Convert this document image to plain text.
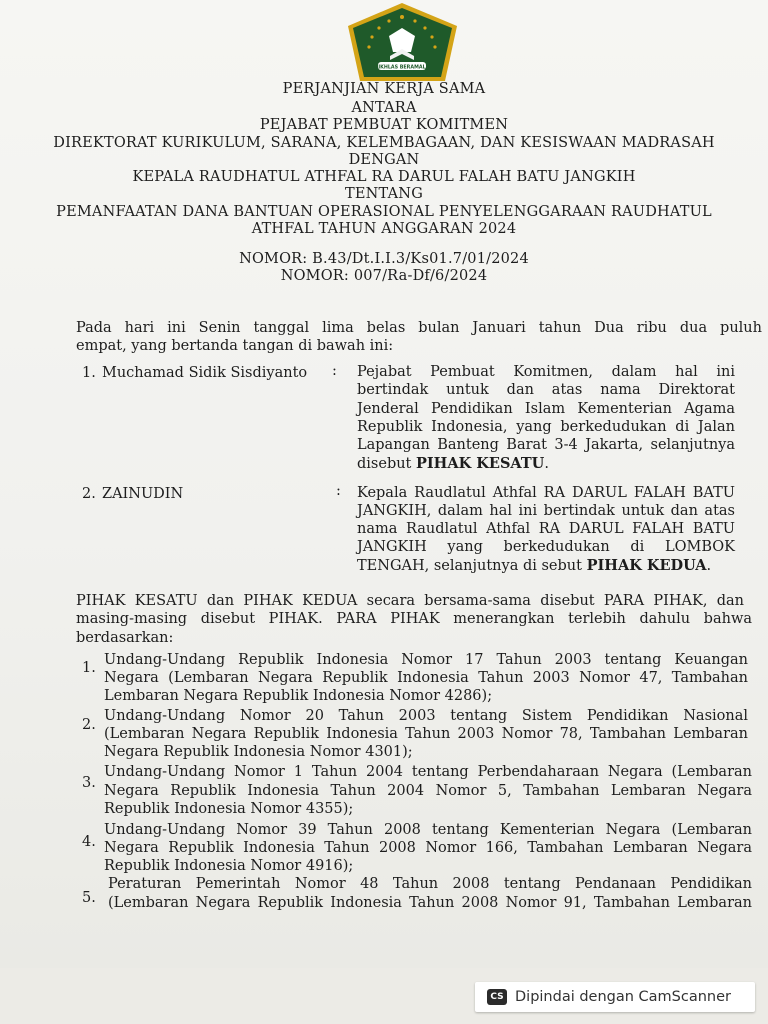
IKHLAS BERAMAL
PERJANJIAN KERJA SAMA
ANTARA
PEJABAT PEMBUAT KOMITMEN
DIREKTORAT KURIKULUM, SARANA, KELEMBAGAAN, DAN KESISWAAN MADRASAH
DENGAN
KEPALA RAUDHATUL ATHFAL RA DARUL FALAH BATU JANGKIH
TENTANG
PEMANFAATAN DANA BANTUAN OPERASIONAL PENYELENGGARAAN RAUDHATUL
ATHFAL TAHUN ANGGARAN 2024
NOMOR: B.43/Dt.I.I.3/Ks01.7/01/2024
NOMOR: 007/Ra-Df/6/2024
Pada hari ini Senin tanggal lima belas bulan Januari tahun Dua ribu dua puluh
empat, yang bertanda tangan di bawah ini:
1. Muchamad Sidik Sisdiyanto : Pejabat Pembuat Komitmen, dalam hal ini
bertindak untuk dan atas nama Direktorat
Jenderal Pendidikan Islam Kementerian Agama
Republik Indonesia, yang berkedudukan di Jalan
Lapangan Banteng Barat 3-4 Jakarta, selanjutnya
disebut PIHAK KESATU.
2. ZAINUDIN	: Kepala Raudlatul Athfal RA DARUL FALAH BATU
JANGKIH, dalam hal ini bertindak untuk dan atas
nama Raudlatul Athfal RA DARUL FALAH BATU
JANGKIH yang berkedudukan di LOMBOK
TENGAH, selanjutnya di sebut PIHAK KEDUA.
PIHAK KESATU dan PIHAK KEDUA secara bersama-sama disebut PARA PIHAK, dan
masing-masing disebut PIHAK. PARA PIHAK menerangkan terlebih dahulu bahwa
berdasarkan:
1. Undang-Undang Republik Indonesia Nomor 17 Tahun 2003 tentang Keuangan
Negara (Lembaran Negara Republik Indonesia Tahun 2003 Nomor 47, Tambahan
Lembaran Negara Republik Indonesia Nomor 4286);
2.
Undang-Undang Nomor 20 Tahun 2003 tentang Sistem Pendidikan Nasional
(Lembaran Negara Republik Indonesia Tahun 2003 Nomor 78, Tambahan Lembaran
Negara Republik Indonesia Nomor 4301);
3.
Undang-Undang Nomor 1 Tahun 2004 tentang Perbendaharaan Negara (Lembaran
Negara Republik Indonesia Tahun 2004 Nomor 5, Tambahan Lembaran Negara
Republik Indonesia Nomor 4355);
4.
Undang-Undang Nomor 39 Tahun 2008 tentang Kementerian Negara (Lembaran
Negara Republik Indonesia Tahun 2008 Nomor 166, Tambahan Lembaran Negara
Republik Indonesia Nomor 4916);
5.
Peraturan Pemerintah Nomor 48 Tahun 2008 tentang Pendanaan Pendidikan
(Lembaran Negara Republik Indonesia Tahun 2008 Nomor 91, Tambahan Lembaran
CS Dipindai dengan CamScanner
